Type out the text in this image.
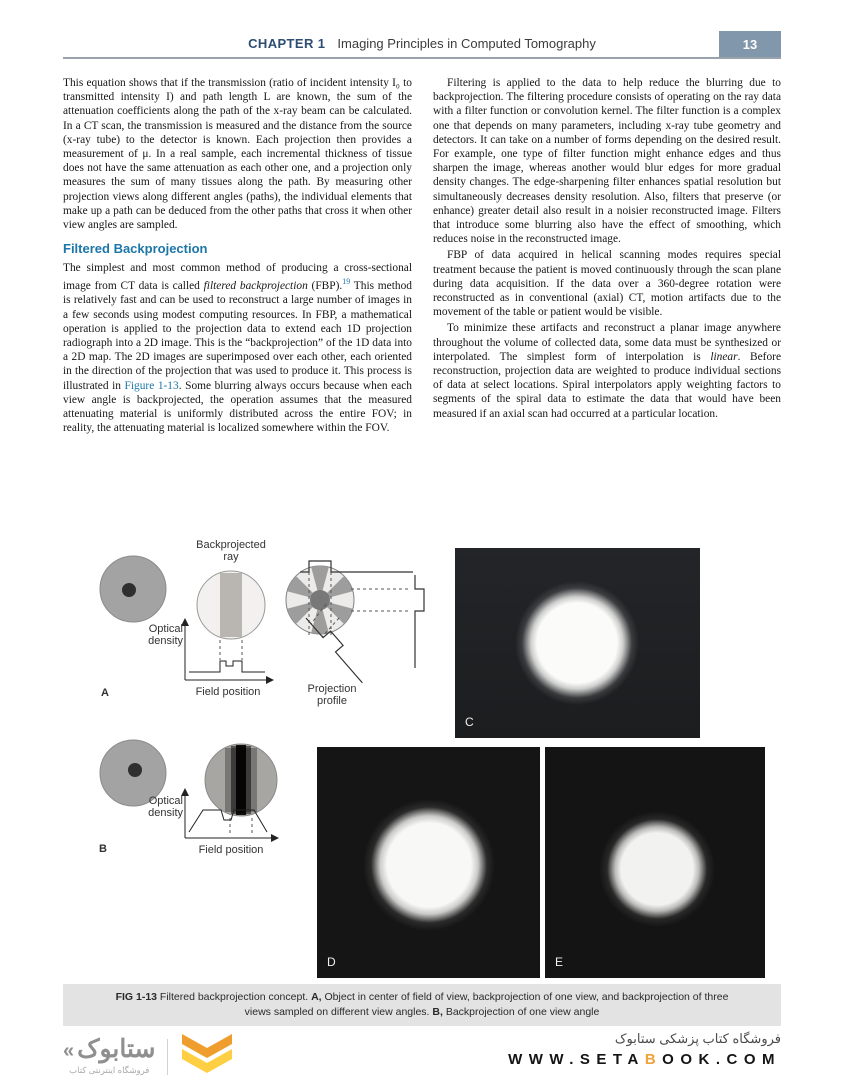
CHAPTER 1 Imaging Principles in Computed Tomography	13

This equation shows that if the transmission (ratio of incident intensity I₀ to transmitted intensity I) and path length L are known, the sum of the attenuation coefficients along the path of the x-ray beam can be calculated. In a CT scan, the transmission is measured and the distance from the source (x-ray tube) to the detector is known. Each projection then provides a measurement of μ. In a real sample, each incremental thickness of tissue does not have the same attenuation as each other one, and a projection only measures the sum of many tissues along the path. By measuring other projection views along different angles (paths), the individual elements that make up a path can be deduced from the other paths that cross it when other view angles are sampled.

Filtered Backprojection

The simplest and most common method of producing a cross-sectional image from CT data is called filtered backprojection (FBP).$^{19}$ This method is relatively fast and can be used to reconstruct a large number of images in a few seconds using modest computing resources. In FBP, a mathematical operation is applied to the projection data to extend each 1D projection radiograph into a 2D image. This is the “backprojection” of the 1D data into a 2D map. The 2D images are superimposed over each other, each oriented in the direction of the projection that was used to produce it. This process is illustrated in Figure 1-13. Some blurring always occurs because when each view angle is backprojected, the operation assumes that the measured attenuating material is uniformly distributed across the entire FOV; in reality, the attenuating material is localized somewhere within the FOV.

Filtering is applied to the data to help reduce the blurring due to backprojection. The filtering procedure consists of operating on the ray data with a filter function or convolution kernel. The filter function is a complex one that depends on many parameters, including x-ray tube geometry and detectors. It can take on a number of forms depending on the desired result. For example, one type of filter function might enhance edges and thus sharpen the image, whereas another would blur edges for more gradual density changes. The edge-sharpening filter enhances spatial resolution but simultaneously decreases density resolution. Also, filters that preserve (or enhance) greater detail also result in a noisier reconstructed image. Filters that introduce some blurring also have the effect of smoothing, which reduces noise in the reconstructed image.

FBP of data acquired in helical scanning modes requires special treatment because the patient is moved continuously through the scan plane during data acquisition. If the data over a 360-degree rotation were reconstructed as in conventional (axial) CT, motion artifacts due to the movement of the table or patient would be visible.

To minimize these artifacts and reconstruct a planar image anywhere throughout the volume of collected data, some data must be synthesized or interpolated. The simplest form of interpolation is linear. Before reconstruction, projection data are weighted to produce individual sections of data at select locations. Spiral interpolators apply weighting factors to segments of the spiral data to estimate the data that would have been measured if an axial scan had occurred at a particular location.

Backprojected
ray
Optical
density
Field position
A	Projection
profile
Optical
density
Field position
B
C
D	E
FIG 1-13 Filtered backprojection concept. A, Object in center of field of view, backprojection of one view, and backprojection of three views sampled on different view angles. B, Backprojection of one view angle
« ستابوک
فروشگاه اینترنتی کتاب
فروشگاه کتاب پزشکی ستابوک
WWW.SETABOOK.COM
